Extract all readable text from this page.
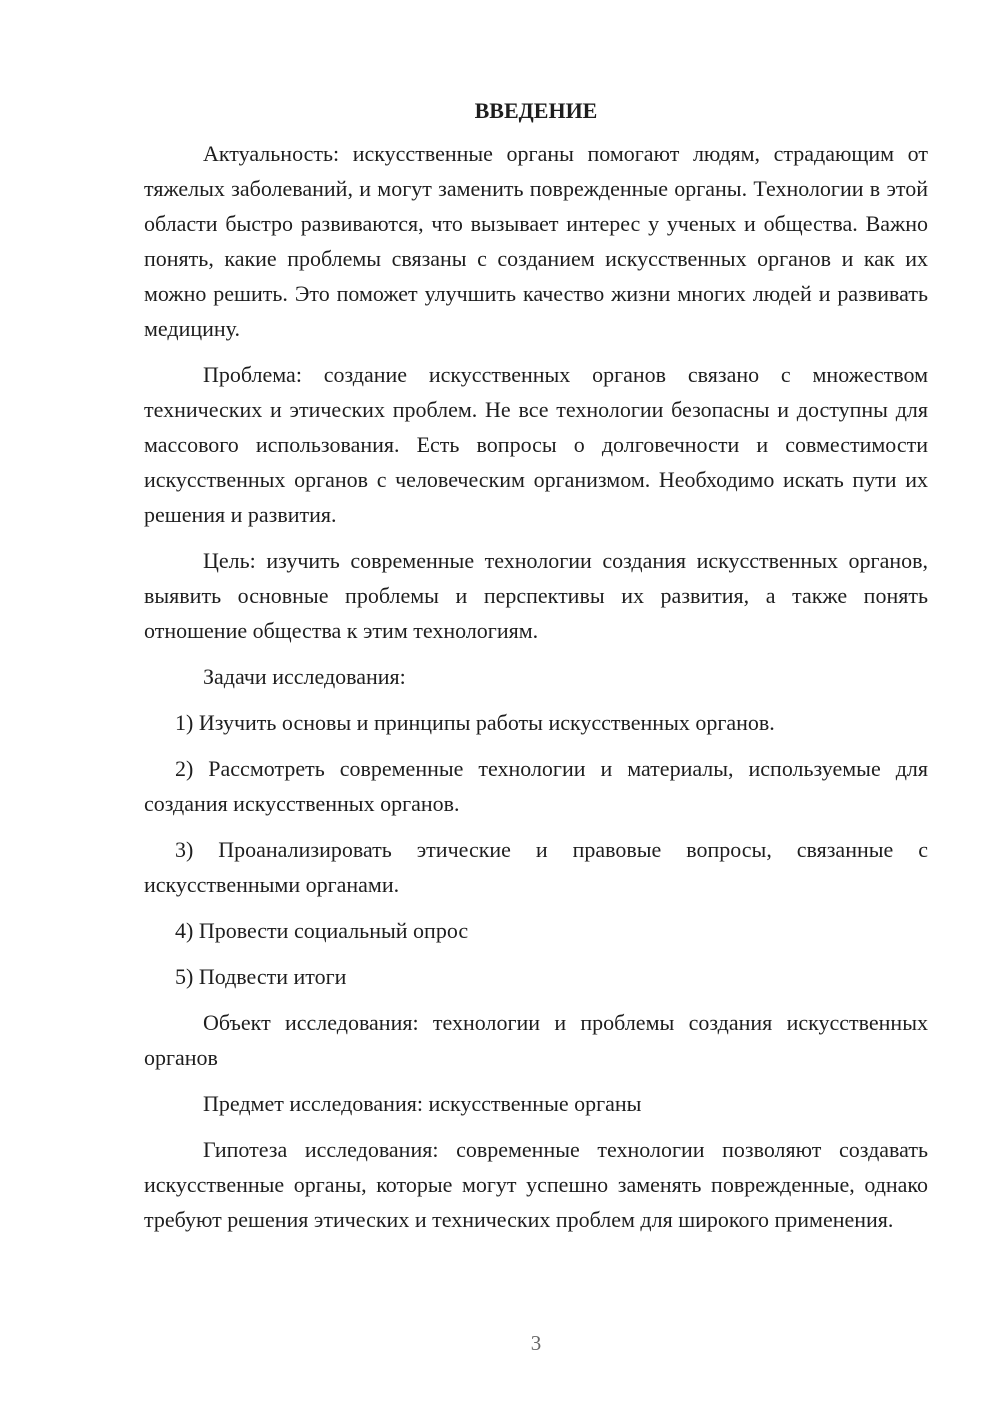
ВВЕДЕНИЕ

Актуальность: искусственные органы помогают людям, страдающим от тяжелых заболеваний, и могут заменить поврежденные органы. Технологии в этой области быстро развиваются, что вызывает интерес у ученых и общества. Важно понять, какие проблемы связаны с созданием искусственных органов и как их можно решить. Это поможет улучшить качество жизни многих людей и развивать медицину.

Проблема: создание искусственных органов связано с множеством технических и этических проблем. Не все технологии безопасны и доступны для массового использования. Есть вопросы о долговечности и совместимости искусственных органов с человеческим организмом. Необходимо искать пути их решения и развития.

Цель: изучить современные технологии создания искусственных органов, выявить основные проблемы и перспективы их развития, а также понять отношение общества к этим технологиям.

Задачи исследования:

1) Изучить основы и принципы работы искусственных органов.

2) Рассмотреть современные технологии и материалы, используемые для создания искусственных органов.

3) Проанализировать этические и правовые вопросы, связанные с искусственными органами.

4) Провести социальный опрос

5) Подвести итоги

Объект исследования: технологии и проблемы создания искусственных органов

Предмет исследования: искусственные органы

Гипотеза исследования: современные технологии позволяют создавать искусственные органы, которые могут успешно заменять поврежденные, однако требуют решения этических и технических проблем для широкого применения.

3
